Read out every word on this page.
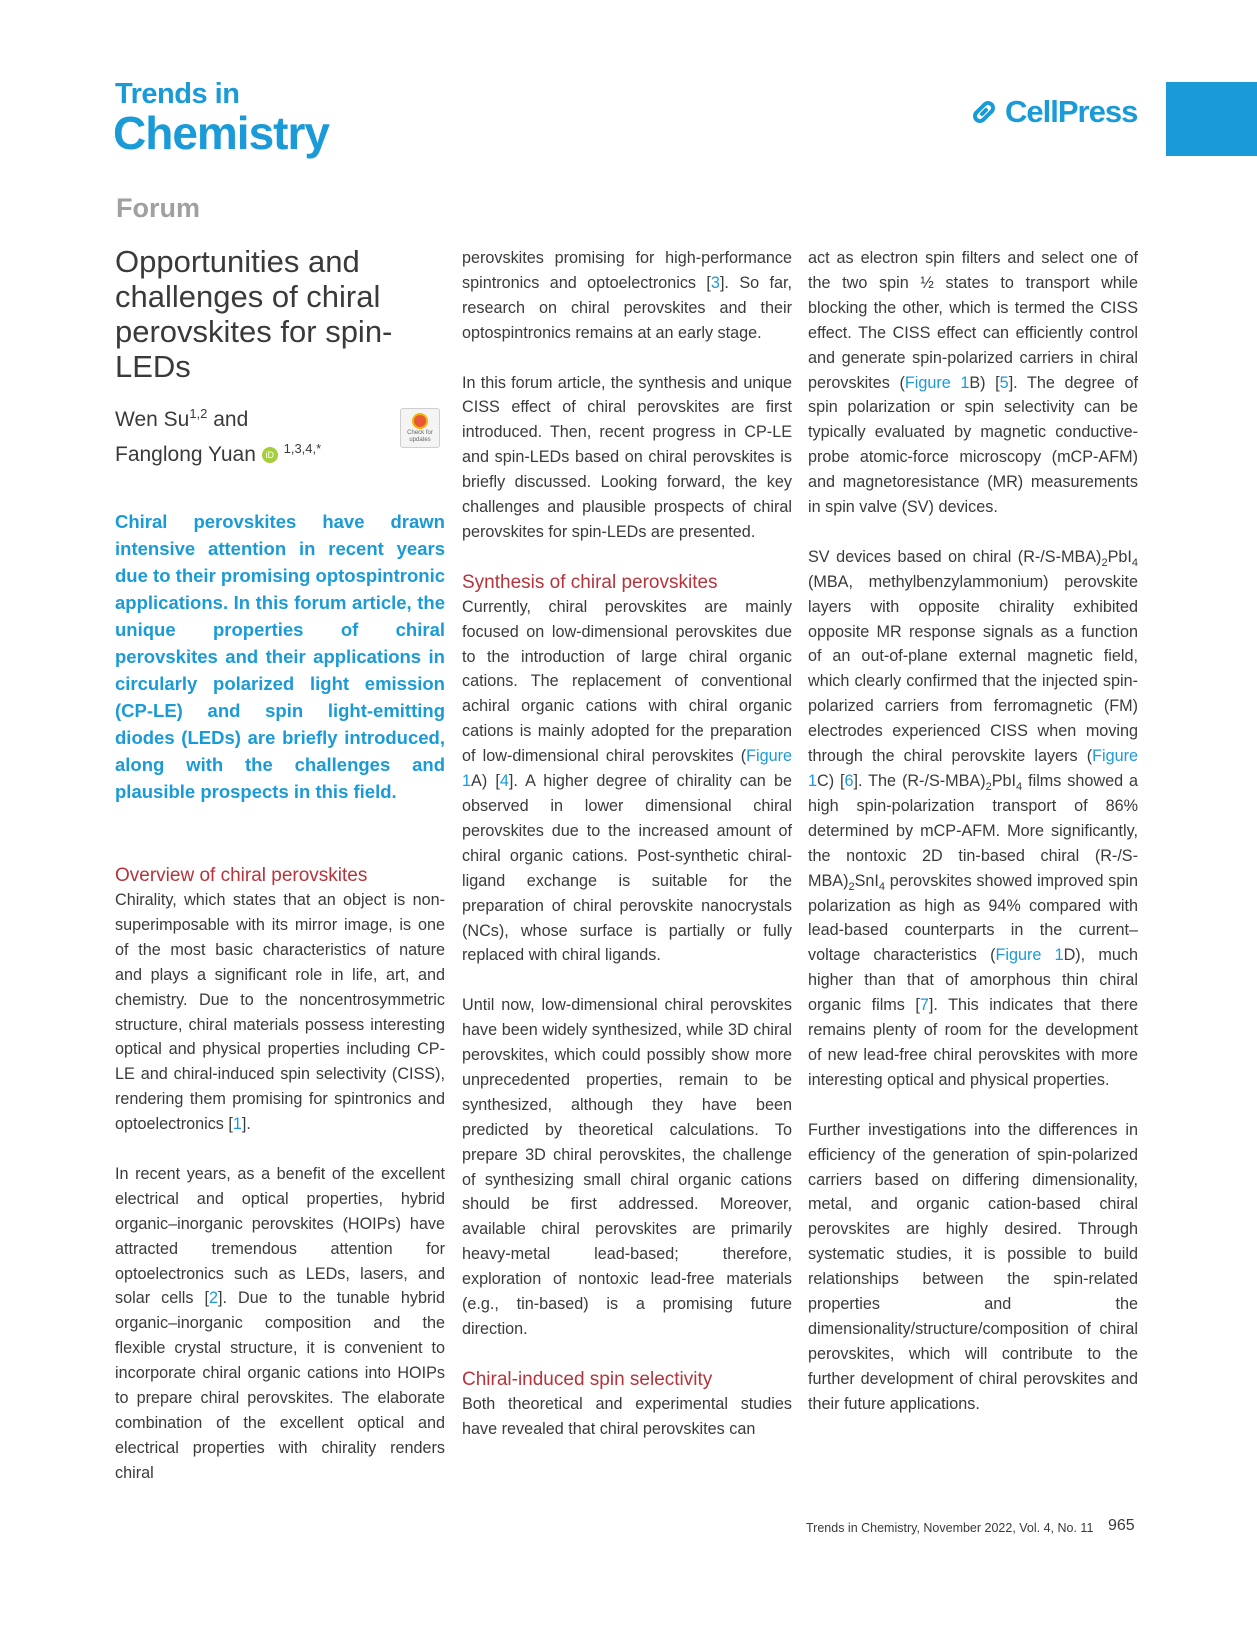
Trends in
Chemistry	CellPress
Forum
Opportunities and challenges of chiral perovskites for spin-LEDs
Wen Su$^{1,2}$ and
Fanglong Yuan iD $^{1,3,4,*}$
Check for updates
Chiral perovskites have drawn intensive attention in recent years due to their promising optospintronic applications. In this forum article, the unique properties of chiral perovskites and their applications in circularly polarized light emission (CP-LE) and spin light-emitting diodes (LEDs) are briefly introduced, along with the challenges and plausible prospects in this field.
Overview of chiral perovskites

Chirality, which states that an object is non-superimposable with its mirror image, is one of the most basic characteristics of nature and plays a significant role in life, art, and chemistry. Due to the noncentrosymmetric structure, chiral materials possess interesting optical and physical properties including CP-LE and chiral-induced spin selectivity (CISS), rendering them promising for spintronics and optoelectronics [1].

In recent years, as a benefit of the excellent electrical and optical properties, hybrid organic–inorganic perovskites (HOIPs) have attracted tremendous attention for optoelectronics such as LEDs, lasers, and solar cells [2]. Due to the tunable hybrid organic–inorganic composition and the flexible crystal structure, it is convenient to incorporate chiral organic cations into HOIPs to prepare chiral perovskites. The elaborate combination of the excellent optical and electrical properties with chirality renders chiral

perovskites promising for high-performance spintronics and optoelectronics [3]. So far, research on chiral perovskites and their optospintronics remains at an early stage.

In this forum article, the synthesis and unique CISS effect of chiral perovskites are first introduced. Then, recent progress in CP-LE and spin-LEDs based on chiral perovskites is briefly discussed. Looking forward, the key challenges and plausible prospects of chiral perovskites for spin-LEDs are presented.

Synthesis of chiral perovskites

Currently, chiral perovskites are mainly focused on low-dimensional perovskites due to the introduction of large chiral organic cations. The replacement of conventional achiral organic cations with chiral organic cations is mainly adopted for the preparation of low-dimensional chiral perovskites (Figure 1A) [4]. A higher degree of chirality can be observed in lower dimensional chiral perovskites due to the increased amount of chiral organic cations. Post-synthetic chiral-ligand exchange is suitable for the preparation of chiral perovskite nanocrystals (NCs), whose surface is partially or fully replaced with chiral ligands.

Until now, low-dimensional chiral perovskites have been widely synthesized, while 3D chiral perovskites, which could possibly show more unprecedented properties, remain to be synthesized, although they have been predicted by theoretical calculations. To prepare 3D chiral perovskites, the challenge of synthesizing small chiral organic cations should be first addressed. Moreover, available chiral perovskites are primarily heavy-metal lead-based; therefore, exploration of nontoxic lead-free materials (e.g., tin-based) is a promising future direction.

Chiral-induced spin selectivity

Both theoretical and experimental studies have revealed that chiral perovskites can

act as electron spin filters and select one of the two spin ½ states to transport while blocking the other, which is termed the CISS effect. The CISS effect can efficiently control and generate spin-polarized carriers in chiral perovskites (Figure 1B) [5]. The degree of spin polarization or spin selectivity can be typically evaluated by magnetic conductive-probe atomic-force microscopy (mCP-AFM) and magnetoresistance (MR) measurements in spin valve (SV) devices.

SV devices based on chiral $(R-/S-MBA)_2PbI_4$ (MBA, methylbenzylammonium) perovskite layers with opposite chirality exhibited opposite MR response signals as a function of an out-of-plane external magnetic field, which clearly confirmed that the injected spin-polarized carriers from ferromagnetic (FM) electrodes experienced CISS when moving through the chiral perovskite layers (Figure 1C) [6]. The $(R-/S-MBA)_2PbI_4$ films showed a high spin-polarization transport of 86% determined by mCP-AFM. More significantly, the nontoxic 2D tin-based chiral $(R-/S-MBA)_2SnI_4$ perovskites showed improved spin polarization as high as 94% compared with lead-based counterparts in the current–voltage characteristics (Figure 1D), much higher than that of amorphous thin chiral organic films [7]. This indicates that there remains plenty of room for the development of new lead-free chiral perovskites with more interesting optical and physical properties.

Further investigations into the differences in efficiency of the generation of spin-polarized carriers based on differing dimensionality, metal, and organic cation-based chiral perovskites are highly desired. Through systematic studies, it is possible to build relationships between the spin-related properties and the dimensionality/structure/composition of chiral perovskites, which will contribute to the further development of chiral perovskites and their future applications.

Trends in Chemistry, November 2022, Vol. 4, No. 11 965
